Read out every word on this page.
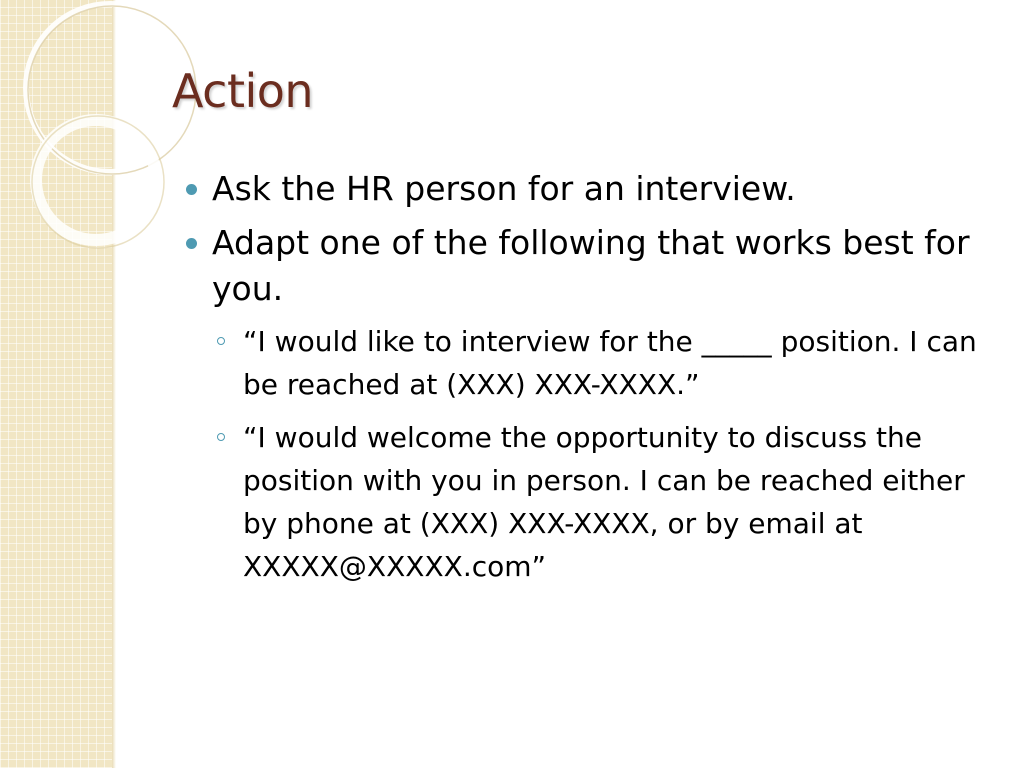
Action
Ask the HR person for an interview.
Adapt one of the following that works best for you.
“I would like to interview for the _____ position. I can be reached at (XXX) XXX-XXXX.”
“I would welcome the opportunity to discuss the position with you in person. I can be reached either by phone at (XXX) XXX-XXXX, or by email at XXXXX@XXXXX.com”
